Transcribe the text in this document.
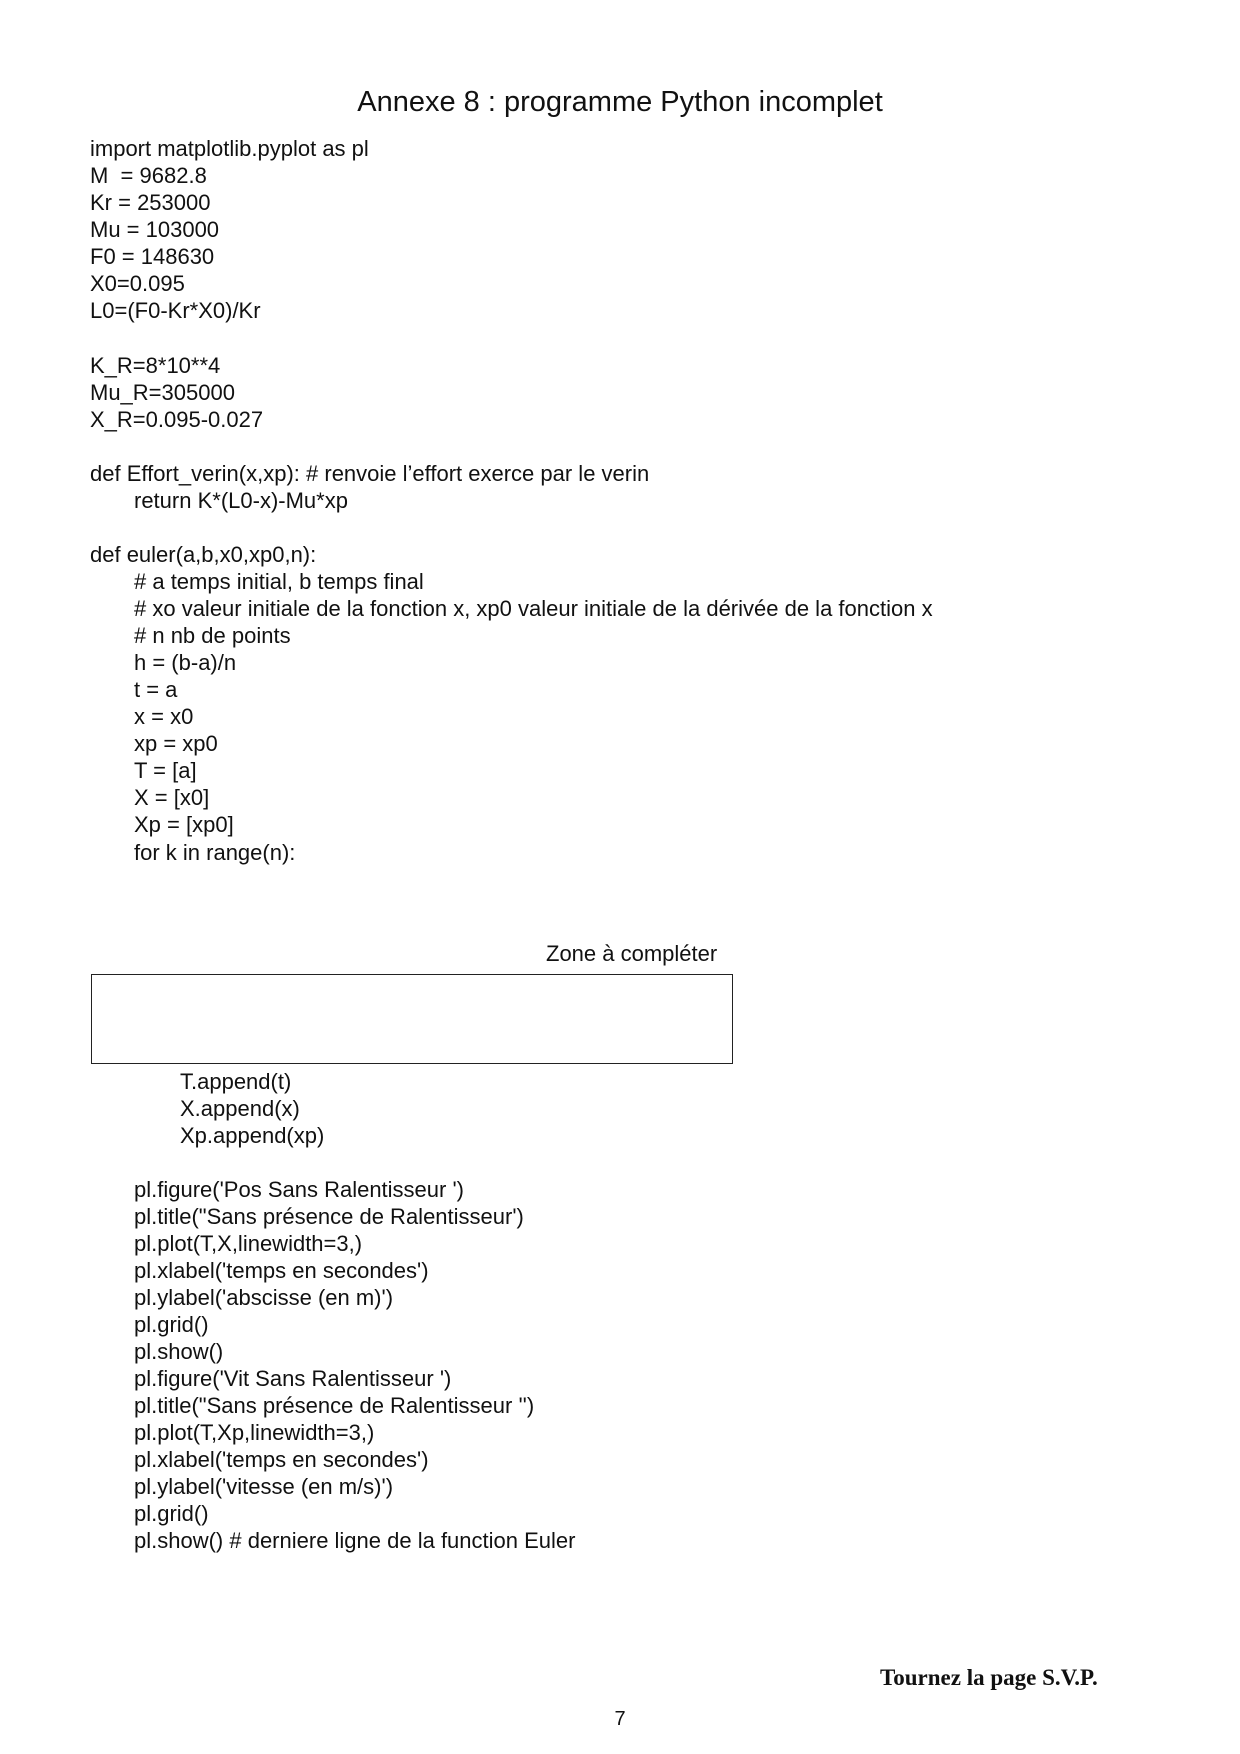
Annexe 8 : programme Python incomplet
import matplotlib.pyplot as pl
M  = 9682.8
Kr = 253000
Mu = 103000
F0 = 148630
X0=0.095
L0=(F0-Kr*X0)/Kr
K_R=8*10**4
Mu_R=305000
X_R=0.095-0.027
def Effort_verin(x,xp): # renvoie l’effort exerce par le verin
return K*(L0-x)-Mu*xp
def euler(a,b,x0,xp0,n):
# a temps initial, b temps final
# xo valeur initiale de la fonction x, xp0 valeur initiale de la dérivée de la fonction x
# n nb de points
h = (b-a)/n
t = a
x = x0
xp = xp0
T = [a]
X = [x0]
Xp = [xp0]
for k in range(n):
Zone à compléter
T.append(t)
X.append(x)
Xp.append(xp)
pl.figure('Pos Sans Ralentisseur ')
pl.title("Sans présence de Ralentisseur')
pl.plot(T,X,linewidth=3,)
pl.xlabel('temps en secondes')
pl.ylabel('abscisse (en m)')
pl.grid()
pl.show()
pl.figure('Vit Sans Ralentisseur ')
pl.title("Sans présence de Ralentisseur '')
pl.plot(T,Xp,linewidth=3,)
pl.xlabel('temps en secondes')
pl.ylabel('vitesse (en m/s)')
pl.grid()
pl.show() # derniere ligne de la function Euler
Tournez la page S.V.P.
7
